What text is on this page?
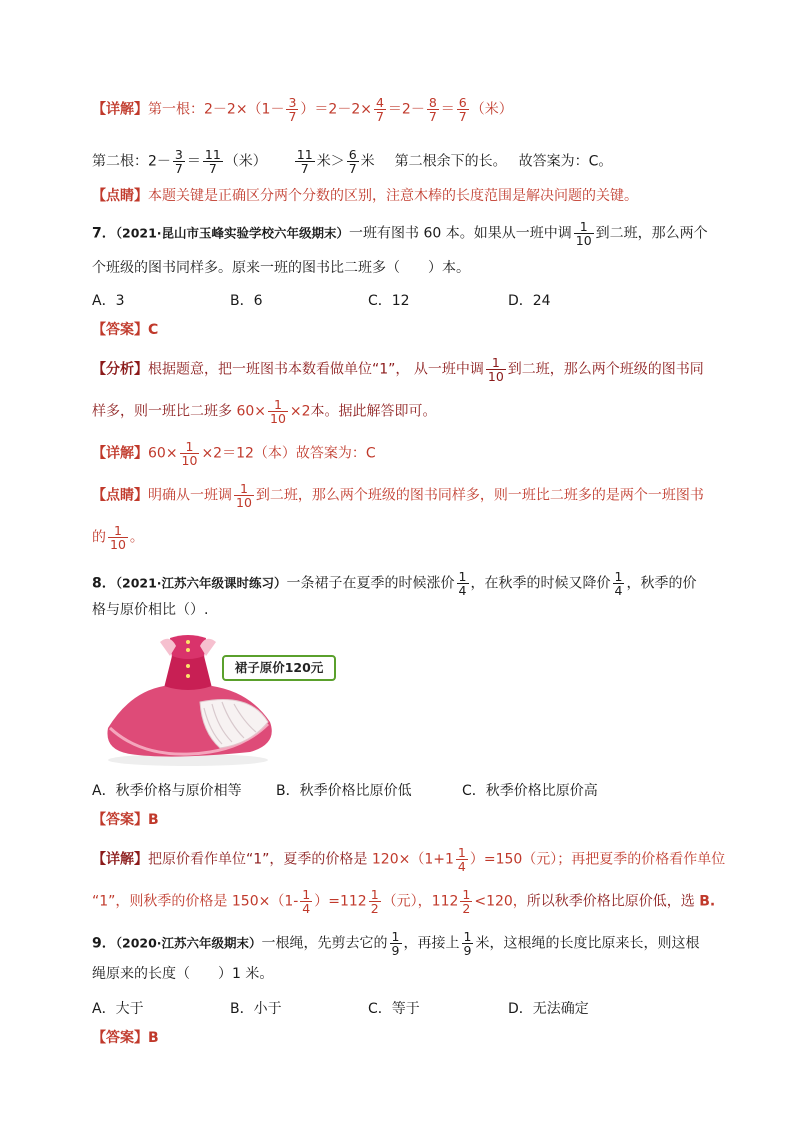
【详解】第一根：$2-2\times(1- \frac{3}{7} )=2-2\times \frac{4}{7} =2- \frac{8}{7} = \frac{6}{7}$ （米）
第二根：$2- \frac{3}{7} = \frac{11}{7}$ （米） $\frac{11}{7}$ 米＞ $\frac{6}{7}$ 米 第二根余下的长。 故答案为：C。
【点睛】本题关键是正确区分两个分数的区别，注意木棒的长度范围是解决问题的关键。
7．（2021·昆山市玉峰实验学校六年级期末）一班有图书 60 本。如果从一班中调 $\frac{1}{10}$ 到二班，那么两个
个班级的图书同样多。原来一班的图书比二班多（　　）本。
A．3	B．6	C．12	D．24
【答案】C
【分析】根据题意，把一班图书本数看做单位“1”， 从一班中调 $\frac{1}{10}$ 到二班，那么两个班级的图书同
样多，则一班比二班多 $60\times \frac{1}{10} \times 2$本。据此解答即可。
【详解】$60\times \frac{1}{10} \times 2=12$（本）故答案为：C
【点睛】明确从一班调 $\frac{1}{10}$ 到二班，那么两个班级的图书同样多，则一班比二班多的是两个一班图书
的 $\frac{1}{10}$ 。
8．（2021·江苏六年级课时练习）一条裙子在夏季的时候涨价 $\frac{1}{4}$ ，在秋季的时候又降价 $\frac{1}{4}$ ，秋季的价
格与原价相比（）.
裙子原价120元
A．秋季价格与原价相等 B．秋季价格比原价低	C．秋季价格比原价高
【答案】B
【详解】把原价看作单位“1”，夏季的价格是 $120\times(1+1 \frac{1}{4} )=150$（元）；再把夏季的价格看作单位
“1”，则秋季的价格是 $150\times(1- \frac{1}{4} )=112 \frac{1}{2}$ （元），$112 \frac{1}{2} <120$，所以秋季价格比原价低，选 B.
9．（2020·江苏六年级期末）一根绳，先剪去它的 $\frac{1}{9}$ ，再接上 $\frac{1}{9}$ 米，这根绳的长度比原来长，则这根
绳原来的长度（　　）1 米。
A．大于	B．小于	C．等于	D．无法确定
【答案】B
